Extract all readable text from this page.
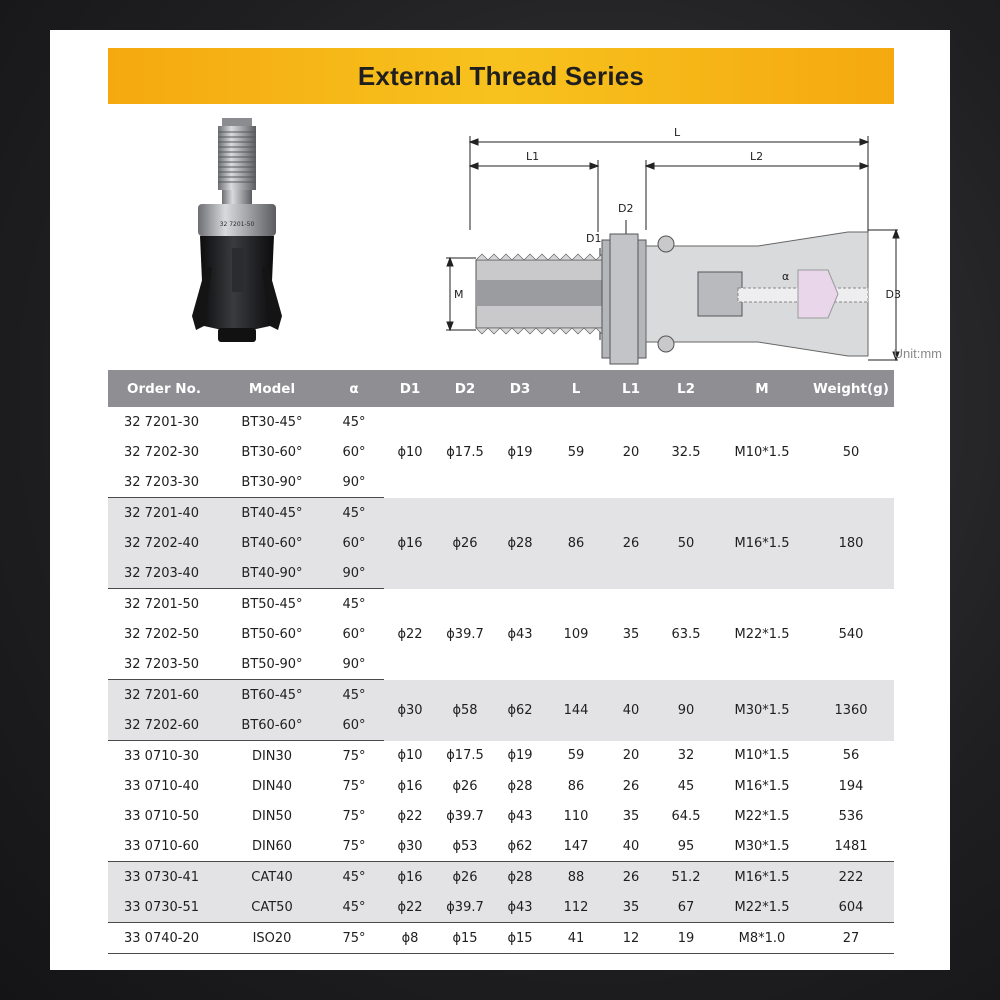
External Thread Series
32 7201-50
L
L1	L2
D2
D1
M	D3
α
Unit:mm
Order No.	Model	α	D1	D2	D3	L	L1	L2	M	Weight(g)
32 7201-30	BT30-45°	45°	ϕ10	ϕ17.5	ϕ19	59	20	32.5	M10*1.5	50
32 7202-30	BT30-60°	60°								
32 7203-30	BT30-90°	90°								
32 7201-40	BT40-45°	45°	ϕ16	ϕ26	ϕ28	86	26	50	M16*1.5	180
32 7202-40	BT40-60°	60°								
32 7203-40	BT40-90°	90°								
32 7201-50	BT50-45°	45°	ϕ22	ϕ39.7	ϕ43	109	35	63.5	M22*1.5	540
32 7202-50	BT50-60°	60°								
32 7203-50	BT50-90°	90°								
32 7201-60	BT60-45°	45°	ϕ30	ϕ58	ϕ62	144	40	90	M30*1.5	1360
32 7202-60	BT60-60°	60°								
33 0710-30	DIN30	75°	ϕ10	ϕ17.5	ϕ19	59	20	32	M10*1.5	56
33 0710-40	DIN40	75°	ϕ16	ϕ26	ϕ28	86	26	45	M16*1.5	194
33 0710-50	DIN50	75°	ϕ22	ϕ39.7	ϕ43	110	35	64.5	M22*1.5	536
33 0710-60	DIN60	75°	ϕ30	ϕ53	ϕ62	147	40	95	M30*1.5	1481
33 0730-41	CAT40	45°	ϕ16	ϕ26	ϕ28	88	26	51.2	M16*1.5	222
33 0730-51	CAT50	45°	ϕ22	ϕ39.7	ϕ43	112	35	67	M22*1.5	604
33 0740-20	ISO20	75°	ϕ8	ϕ15	ϕ15	41	12	19	M8*1.0	27
